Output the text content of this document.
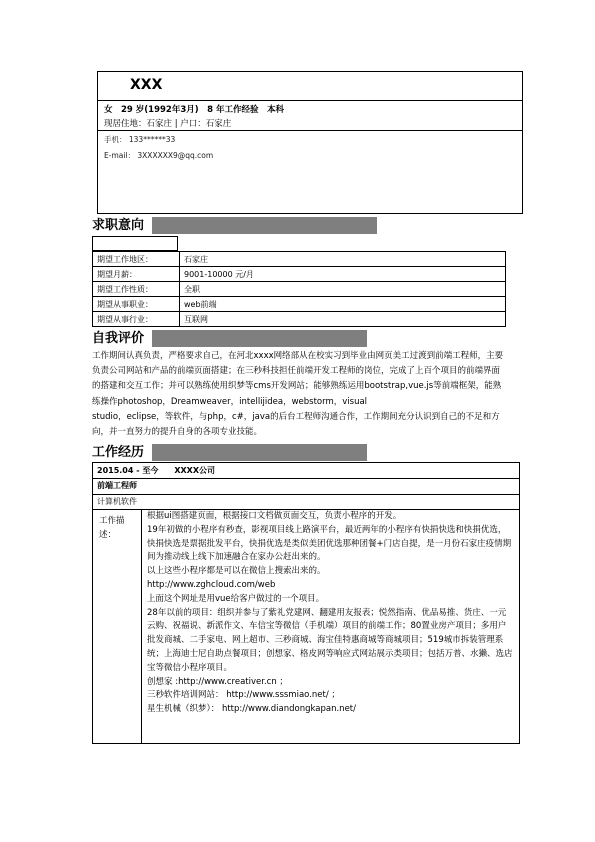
XXX
女　29 岁(1992年3月)　8 年工作经验　本科
现居住地：石家庄 | 户口：石家庄
手机： 133******33
E-mail： 3XXXXXX9@qq.com
求职意向
期望工作地区：	石家庄
期望月薪：	9001-10000 元/月
期望工作性质：	全职
期望从事职业：	web前端
期望从事行业：	互联网
自我评价

工作期间认真负责，严格要求自己，在河北xxxx网络部从在校实习到毕业由网页美工过渡到前端工程师，主要负责公司网站和产品的前端页面搭建；在三秒科技担任前端开发工程师的岗位，完成了上百个项目的前端界面的搭建和交互工作；并可以熟练使用织梦等cms开发网站；能够熟练运用bootstrap,vue.js等前端框架，能熟练操作photoshop，Dreamweaver，intellijidea，webstorm，visual

studio，eclipse，等软件，与php，c#，java的后台工程师沟通合作，工作期间充分认识到自己的不足和方向，并一直努力的提升自身的各项专业技能。

工作经历
2015.04 - 至今　　XXXX公司
前端工程师
计算机软件
工作描述：

根据ui图搭建页面，根据接口文档做页面交互，负责小程序的开发。

19年初做的小程序有秒查，影视项目线上路演平台，最近两年的小程序有快捐快选和快捐优选，快捐快选是票据批发平台，快捐优选是类似美团优选那种团餐+门店自提，是一月份石家庄疫情期间为推动线上线下加速融合在家办公赶出来的。

以上这些小程序都是可以在微信上搜索出来的。

http://www.zghcloud.com/web

上面这个网址是用vue给客户做过的一个项目。

28年以前的项目：组织并参与了紫礼党建网、翻建用友报表；悦然指南、优品易推、货庄、一元云购、祝福说、新派作文、车信宝等微信（手机端）项目的前端工作；80置业房产项目；多用户批发商城、二手家电、网上超市、三秒商城、海宝佳特惠商城等商城项目；519城市拆装管理系统；上海迪士尼自助点餐项目；创想家、格皮网等响应式网站展示类项目；包括万普、水獭、选店宝等微信小程序项目。

创想家 :http://www.creativer.cn ；

三秒软件培训网站： http://www.sssmiao.net/ ；

星生机械（织梦）： http://www.diandongkapan.net/
